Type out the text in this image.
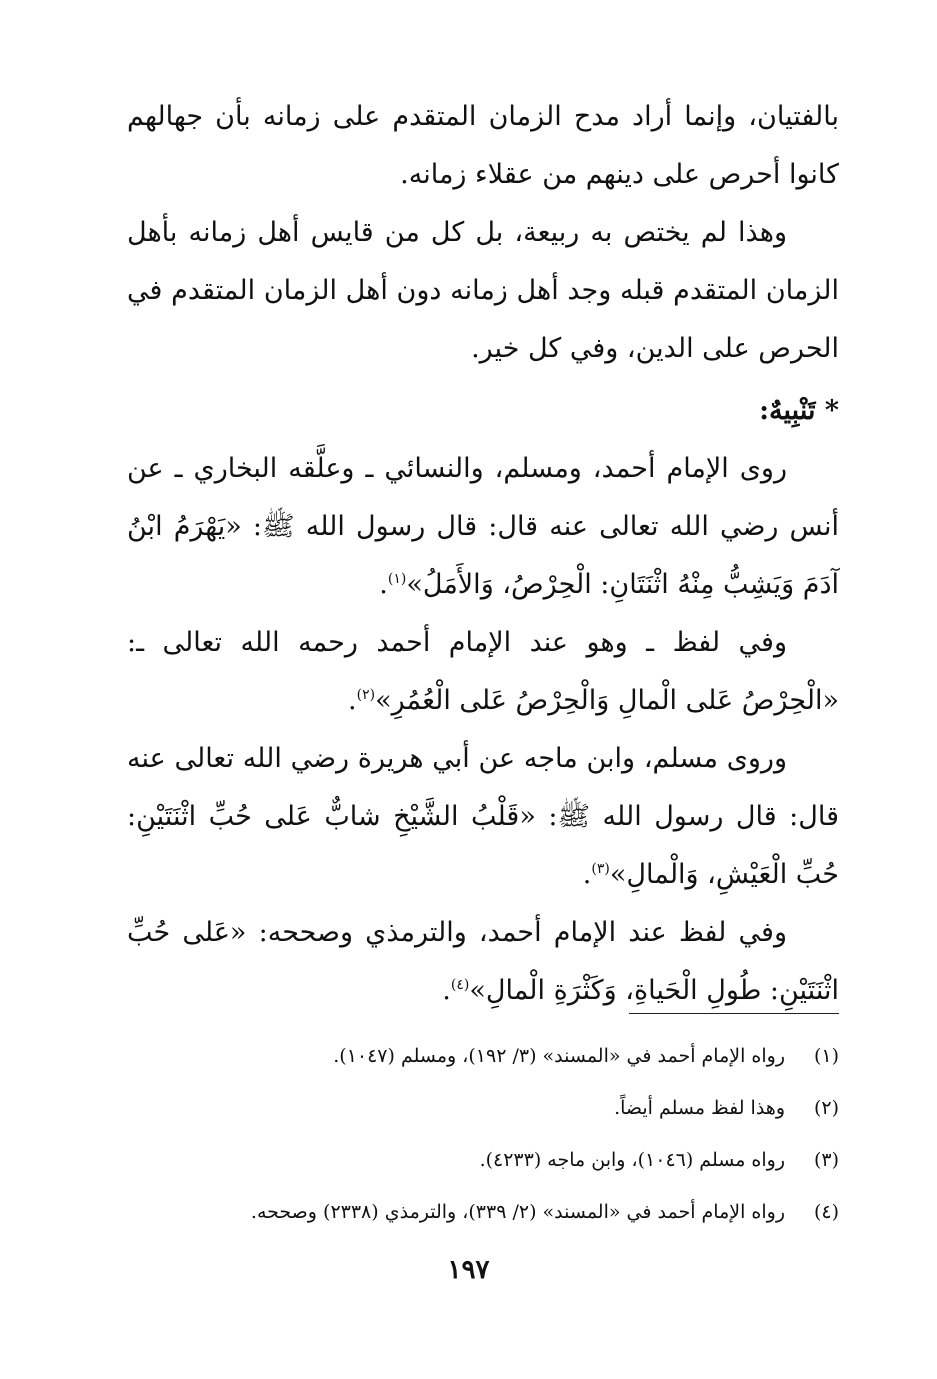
بالفتيان، وإنما أراد مدح الزمان المتقدم على زمانه بأن جهالهم كانوا أحرص على دينهم من عقلاء زمانه.

وهذا لم يختص به ربيعة، بل كل من قايس أهل زمانه بأهل الزمان المتقدم قبله وجد أهل زمانه دون أهل الزمان المتقدم في الحرص على الدين، وفي كل خير.

* تَنْبِيهٌ:

روى الإمام أحمد، ومسلم، والنسائي ـ وعلَّقه البخاري ـ عن أنس رضي الله تعالى عنه قال: قال رسول الله ﷺ: «يَهْرَمُ ابْنُ آدَمَ وَيَشِبُّ مِنْهُ اثْنَتَانِ: الْحِرْصُ، وَالأَمَلُ»$^{(١)}$.

وفي لفظ ـ وهو عند الإمام أحمد رحمه الله تعالى ـ: «الْحِرْصُ عَلى الْمالِ وَالْحِرْصُ عَلى الْعُمُرِ»$^{(٢)}$.

وروى مسلم، وابن ماجه عن أبي هريرة رضي الله تعالى عنه قال: قال رسول الله ﷺ: «قَلْبُ الشَّيْخِ شابٌّ عَلى حُبِّ اثْنَتَيْنِ: حُبِّ الْعَيْشِ، وَالْمالِ»$^{(٣)}$.

وفي لفظ عند الإمام أحمد، والترمذي وصححه: «عَلى حُبِّ اثْنَتَيْنِ: طُولِ الْحَياةِ، وَكَثْرَةِ الْمالِ»$^{(٤)}$.

(١)
رواه الإمام أحمد في «المسند» (٣/ ١٩٢)، ومسلم (١٠٤٧).
(٢)
وهذا لفظ مسلم أيضاً.
(٣)
رواه مسلم (١٠٤٦)، وابن ماجه (٤٢٣٣).
(٤)
رواه الإمام أحمد في «المسند» (٢/ ٣٣٩)، والترمذي (٢٣٣٨) وصححه.
١٩٧
